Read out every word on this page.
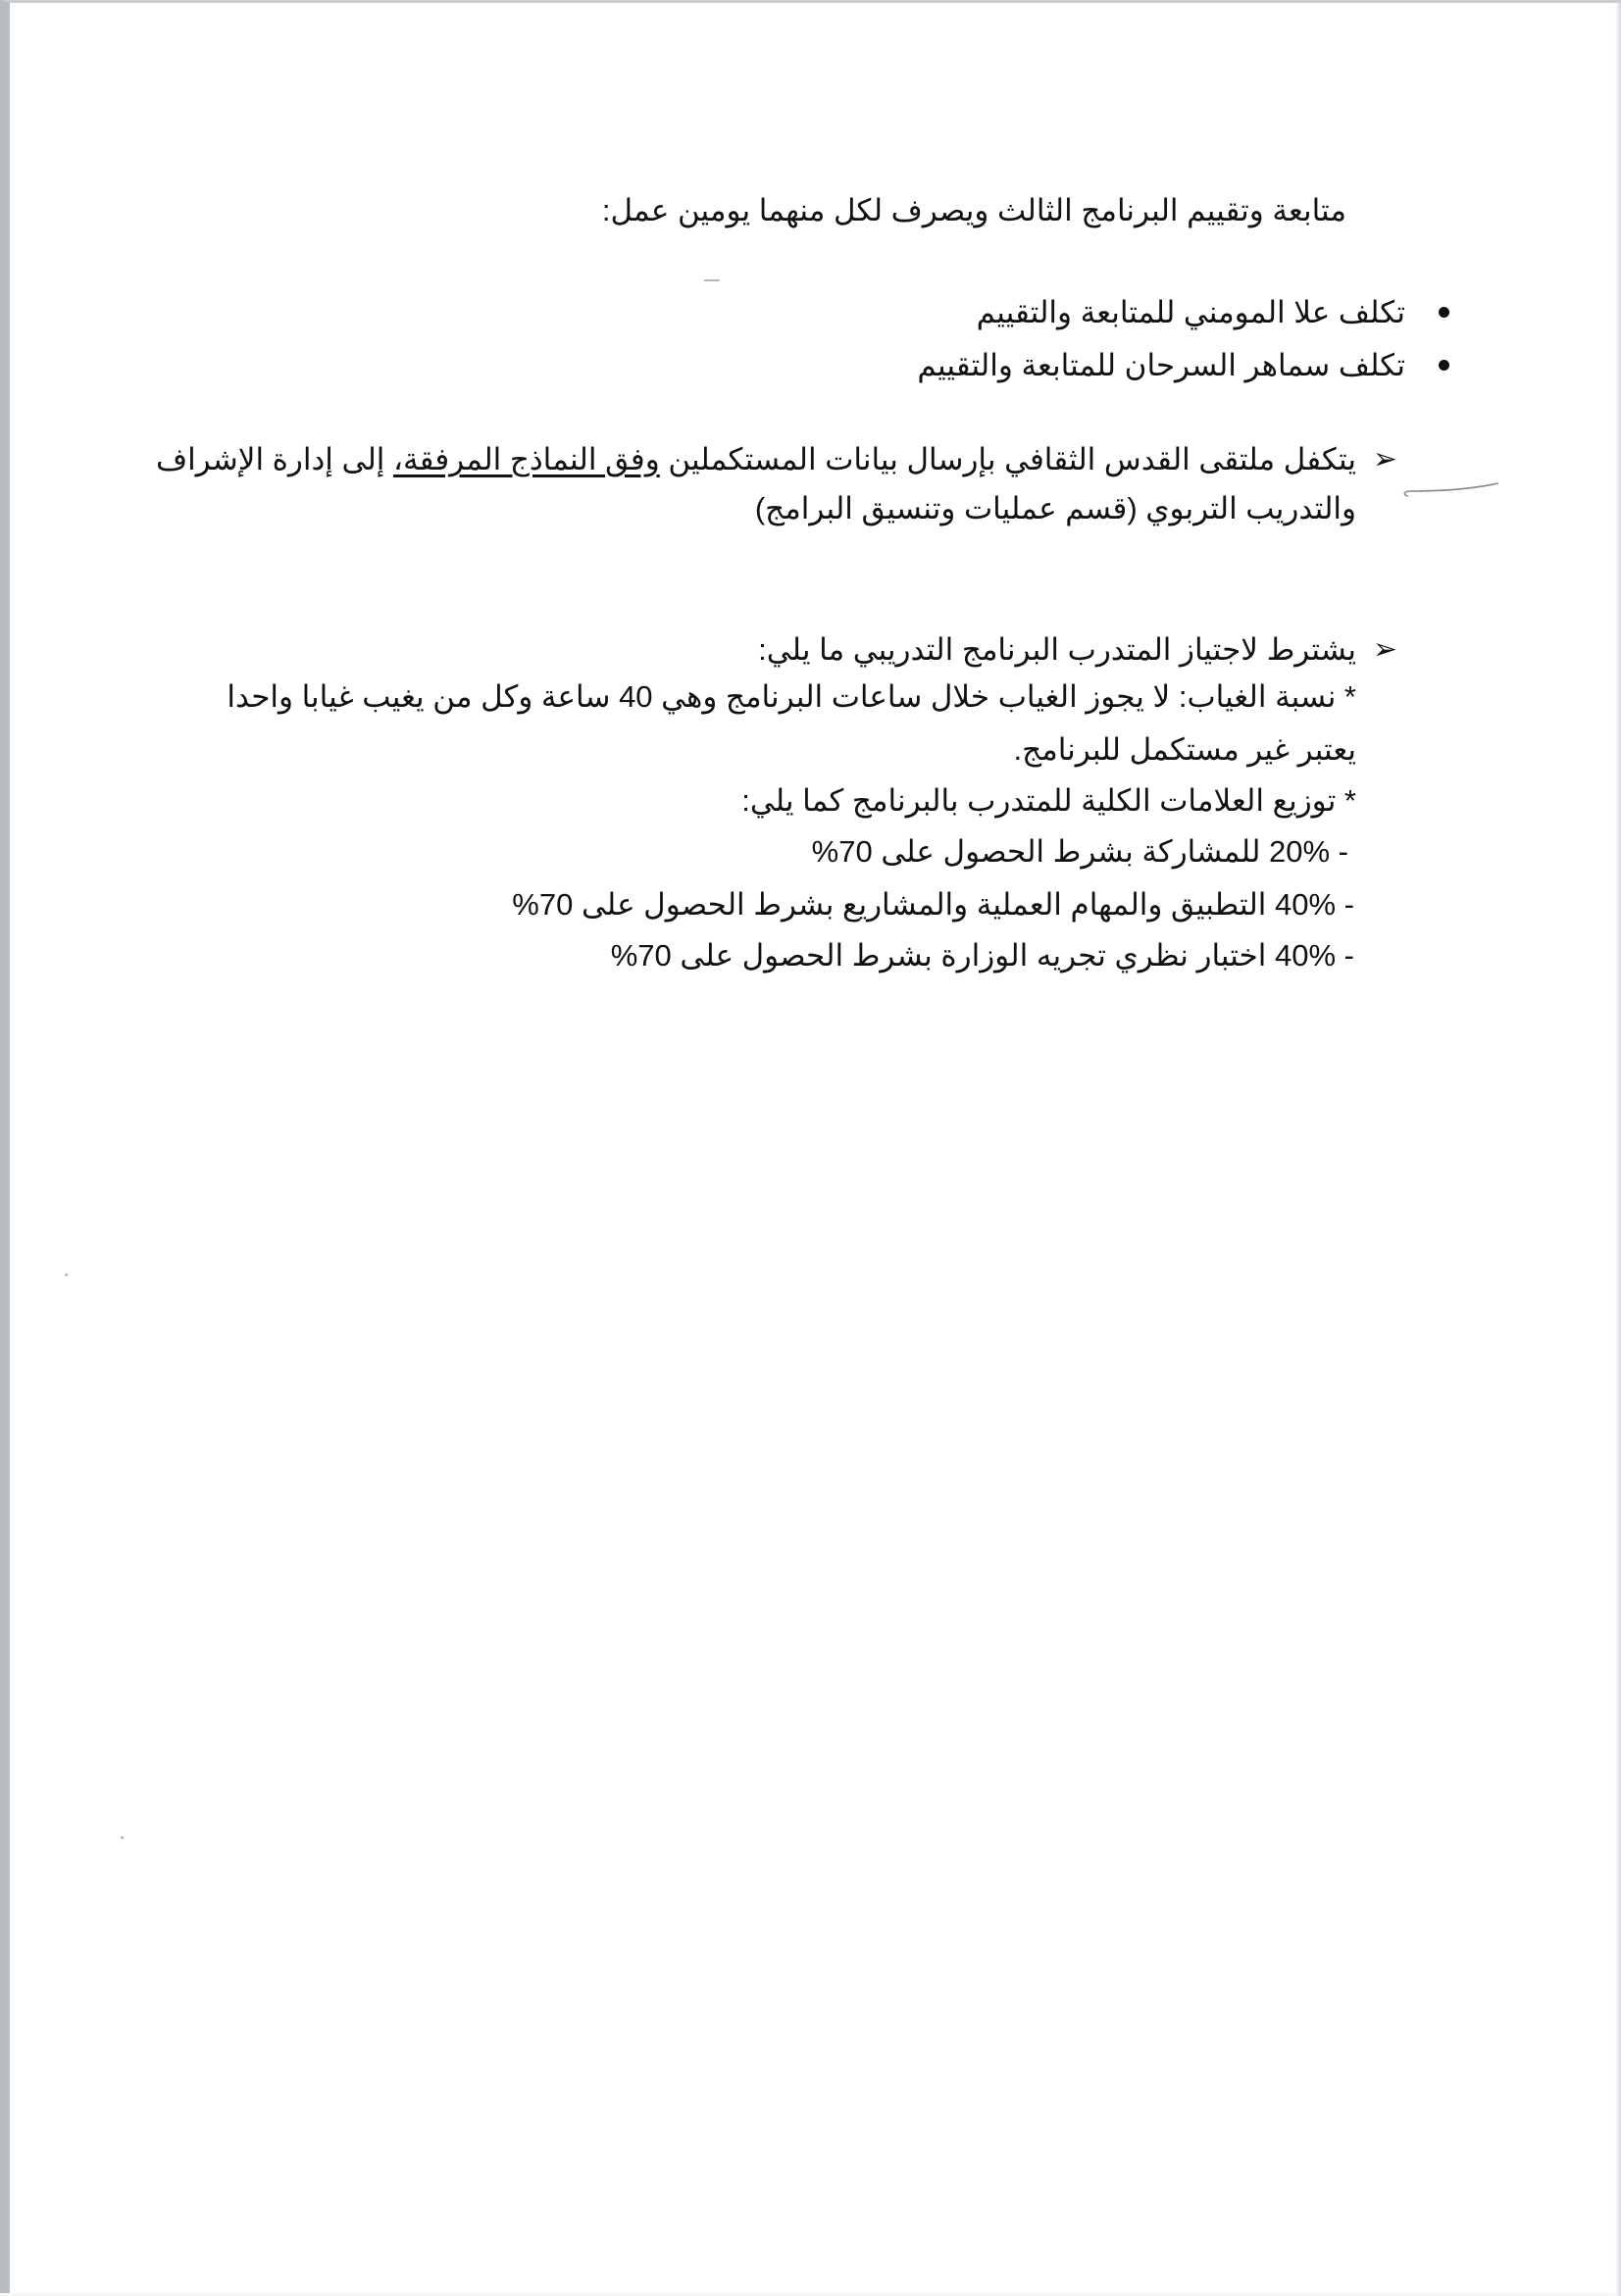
متابعة وتقييم البرنامج الثالث ويصرف لكل منهما يومين عمل:
تكلف علا المومني للمتابعة والتقييم
تكلف سماهر السرحان للمتابعة والتقييم
➢
يتكفل ملتقى القدس الثقافي بإرسال بيانات المستكملين وفق النماذج المرفقة، إلى إدارة الإشراف
والتدريب التربوي (قسم عمليات وتنسيق البرامج)
➢
يشترط لاجتياز المتدرب البرنامج التدريبي ما يلي:
* نسبة الغياب: لا يجوز الغياب خلال ساعات البرنامج وهي 40 ساعة وكل من يغيب غيابا واحدا
يعتبر غير مستكمل للبرنامج.
* توزيع العلامات الكلية للمتدرب بالبرنامج كما يلي:
- 20% للمشاركة بشرط الحصول على 70%
- 40% التطبيق والمهام العملية والمشاريع بشرط الحصول على 70%
- 40% اختبار نظري تجريه الوزارة بشرط الحصول على 70%
